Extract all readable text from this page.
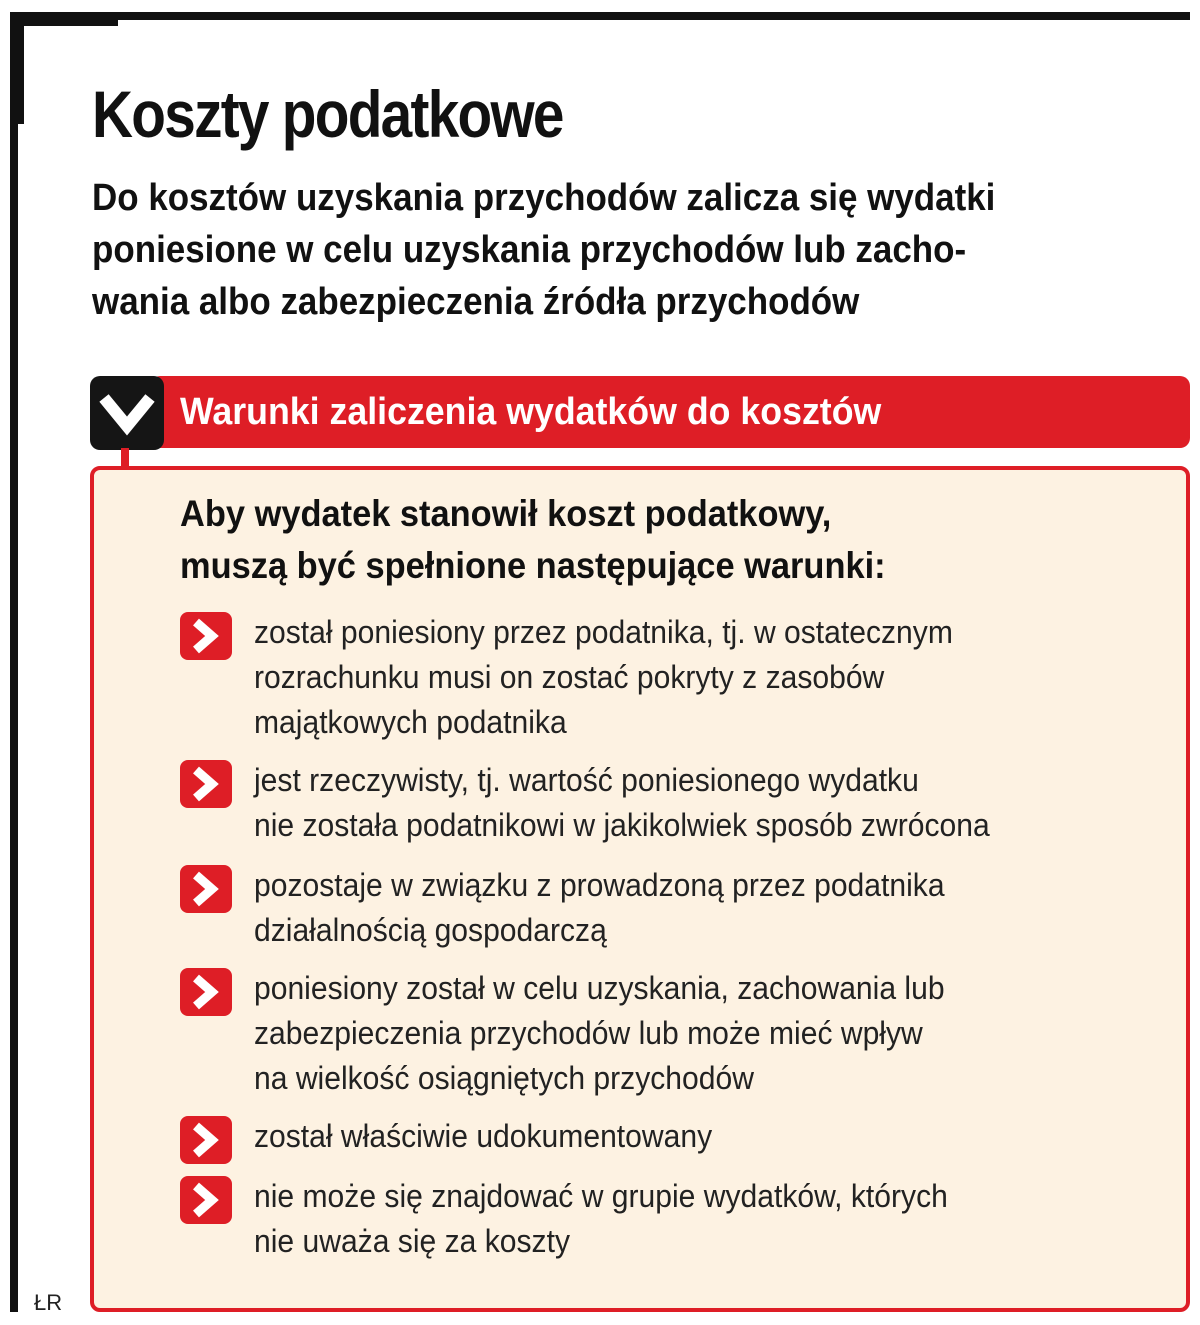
Koszty podatkowe

Do kosztów uzyskania przychodów zalicza się wydatki
poniesione w celu uzyskania przychodów lub zacho-
wania albo zabezpieczenia źródła przychodów

Warunki zaliczenia wydatków do kosztów

Aby wydatek stanowił koszt podatkowy,
muszą być spełnione następujące warunki:

został poniesiony przez podatnika, tj. w ostatecznym
rozrachunku musi on zostać pokryty z zasobów
majątkowych podatnika
jest rzeczywisty, tj. wartość poniesionego wydatku
nie została podatnikowi w jakikolwiek sposób zwrócona
pozostaje w związku z prowadzoną przez podatnika
działalnością gospodarczą
poniesiony został w celu uzyskania, zachowania lub
zabezpieczenia przychodów lub może mieć wpływ
na wielkość osiągniętych przychodów
został właściwie udokumentowany
nie może się znajdować w grupie wydatków, których
nie uważa się za koszty
ŁR
